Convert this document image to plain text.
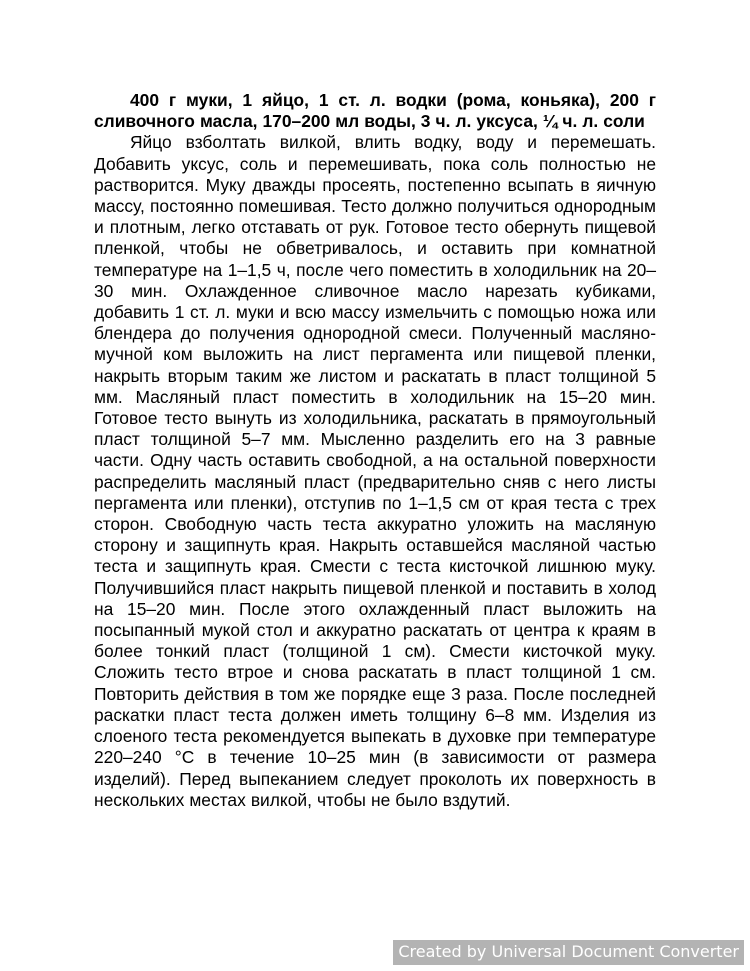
400 г муки, 1 яйцо, 1 ст. л. водки (рома, коньяка), 200 г сливочного масла, 170–200 мл воды, 3 ч. л. уксуса, ¼ ч. л. соли

Яйцо взболтать вилкой, влить водку, воду и перемешать. Добавить уксус, соль и перемешивать, пока соль полностью не растворится. Муку дважды просеять, постепенно всыпать в яичную массу, постоянно помешивая. Тесто должно получиться однородным и плотным, легко отставать от рук. Готовое тесто обернуть пищевой пленкой, чтобы не обветривалось, и оставить при комнатной температуре на 1–1,5 ч, после чего поместить в холодильник на 20–30 мин. Охлажденное сливочное масло нарезать кубиками, добавить 1 ст. л. муки и всю массу измельчить с помощью ножа или блендера до получения однородной смеси. Полученный масляно-мучной ком выложить на лист пергамента или пищевой пленки, накрыть вторым таким же листом и раскатать в пласт толщиной 5 мм. Масляный пласт поместить в холодильник на 15–20 мин. Готовое тесто вынуть из холодильника, раскатать в прямоугольный пласт толщиной 5–7 мм. Мысленно разделить его на 3 равные части. Одну часть оставить свободной, а на остальной поверхности распределить масляный пласт (предварительно сняв с него листы пергамента или пленки), отступив по 1–1,5 см от края теста с трех сторон. Свободную часть теста аккуратно уложить на масляную сторону и защипнуть края. Накрыть оставшейся масляной частью теста и защипнуть края. Смести с теста кисточкой лишнюю муку. Получившийся пласт накрыть пищевой пленкой и поставить в холод на 15–20 мин. После этого охлажденный пласт выложить на посыпанный мукой стол и аккуратно раскатать от центра к краям в более тонкий пласт (толщиной 1 см). Смести кисточкой муку. Сложить тесто втрое и снова раскатать в пласт толщиной 1 см. Повторить действия в том же порядке еще 3 раза. После последней раскатки пласт теста должен иметь толщину 6–8 мм. Изделия из слоеного теста рекомендуется выпекать в духовке при температуре 220–240 °С в течение 10–25 мин (в зависимости от размера изделий). Перед выпеканием следует проколоть их поверхность в нескольких местах вилкой, чтобы не было вздутий.

Created by Universal Document Converter
